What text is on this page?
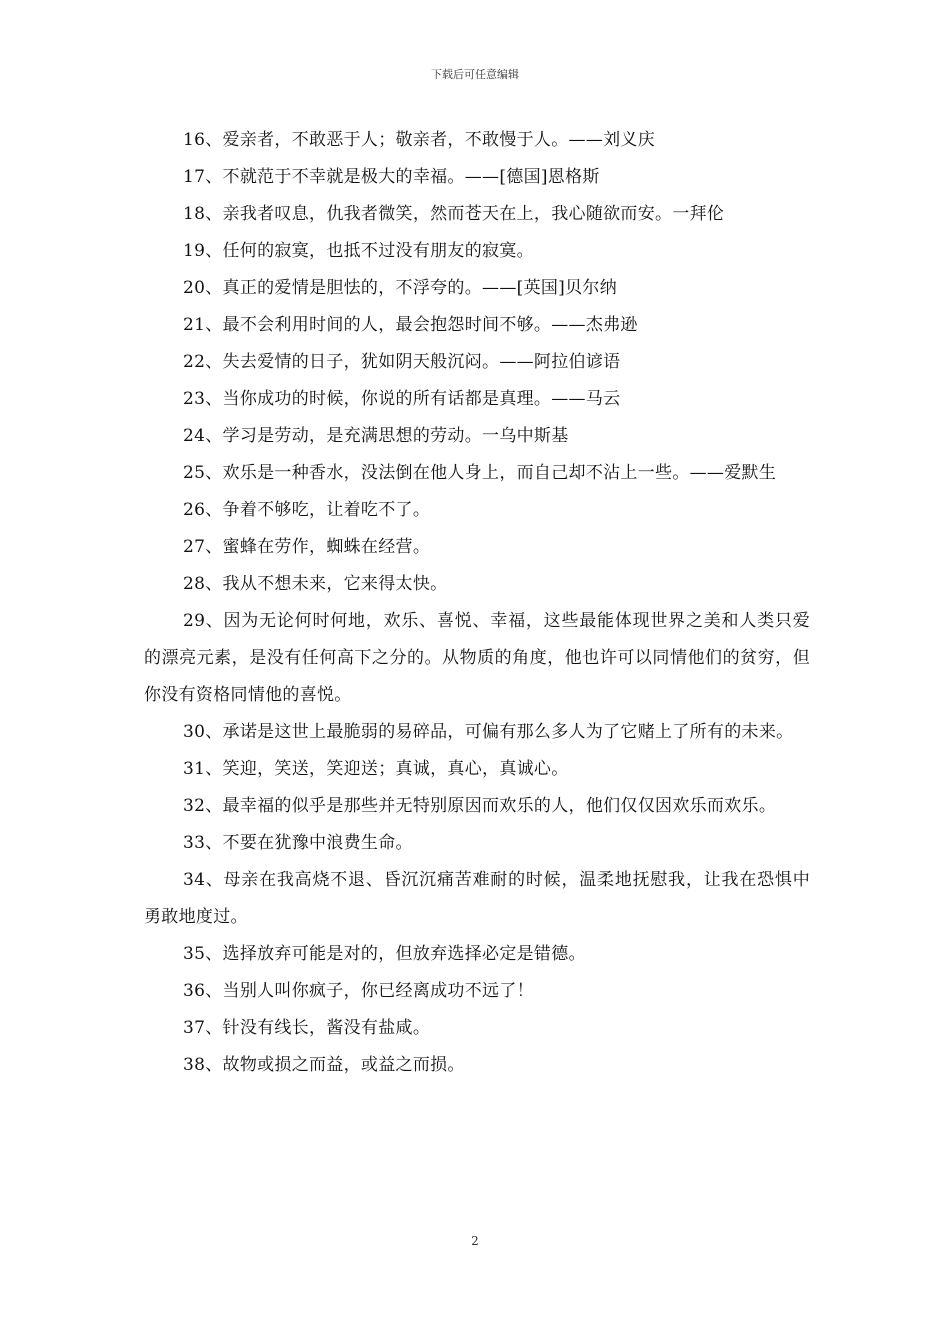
下载后可任意编辑

16、爱亲者，不敢恶于人；敬亲者，不敢慢于人。——刘义庆

17、不就范于不幸就是极大的幸福。——[德国]恩格斯

18、亲我者叹息，仇我者微笑，然而苍天在上，我心随欲而安。一拜伦

19、任何的寂寞，也抵不过没有朋友的寂寞。

20、真正的爱情是胆怯的，不浮夸的。——[英国]贝尔纳

21、最不会利用时间的人，最会抱怨时间不够。——杰弗逊

22、失去爱情的日子，犹如阴天般沉闷。——阿拉伯谚语

23、当你成功的时候，你说的所有话都是真理。——马云

24、学习是劳动，是充满思想的劳动。一乌中斯基

25、欢乐是一种香水，没法倒在他人身上，而自己却不沾上一些。——爱默生

26、争着不够吃，让着吃不了。

27、蜜蜂在劳作，蜘蛛在经营。

28、我从不想未来，它来得太快。

29、因为无论何时何地，欢乐、喜悦、幸福，这些最能体现世界之美和人类只爱的漂亮元素，是没有任何高下之分的。从物质的角度，他也许可以同情他们的贫穷，但你没有资格同情他的喜悦。

30、承诺是这世上最脆弱的易碎品，可偏有那么多人为了它赌上了所有的未来。

31、笑迎，笑送，笑迎送；真诚，真心，真诚心。

32、最幸福的似乎是那些并无特别原因而欢乐的人，他们仅仅因欢乐而欢乐。

33、不要在犹豫中浪费生命。

34、母亲在我高烧不退、昏沉沉痛苦难耐的时候，温柔地抚慰我，让我在恐惧中勇敢地度过。

35、选择放弃可能是对的，但放弃选择必定是错德。

36、当别人叫你疯子，你已经离成功不远了！

37、针没有线长，酱没有盐咸。

38、故物或损之而益，或益之而损。

2
